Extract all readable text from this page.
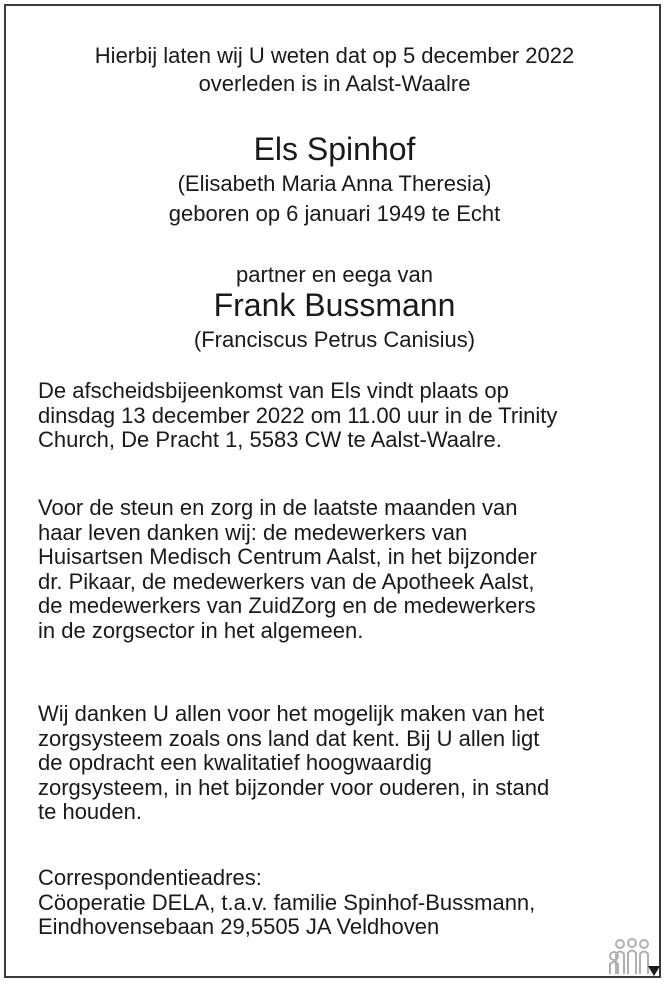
Hierbij laten wij U weten dat op 5 december 2022
overleden is in Aalst-Waalre
Els Spinhof
(Elisabeth Maria Anna Theresia)
geboren op 6 januari 1949 te Echt
partner en eega van
Frank Bussmann
(Franciscus Petrus Canisius)
De afscheidsbijeenkomst van Els vindt plaats op
dinsdag 13 december 2022 om 11.00 uur in de Trinity
Church, De Pracht 1, 5583 CW te Aalst-Waalre.
Voor de steun en zorg in de laatste maanden van
haar leven danken wij: de medewerkers van
Huisartsen Medisch Centrum Aalst, in het bijzonder
dr. Pikaar, de medewerkers van de Apotheek Aalst,
de medewerkers van ZuidZorg en de medewerkers
in de zorgsector in het algemeen.
Wij danken U allen voor het mogelijk maken van het
zorgsysteem zoals ons land dat kent. Bij U allen ligt
de opdracht een kwalitatief hoogwaardig
zorgsysteem, in het bijzonder voor ouderen, in stand
te houden.
Correspondentieadres:
Cöoperatie DELA, t.a.v. familie Spinhof-Bussmann,
Eindhovensebaan 29,5505 JA Veldhoven
